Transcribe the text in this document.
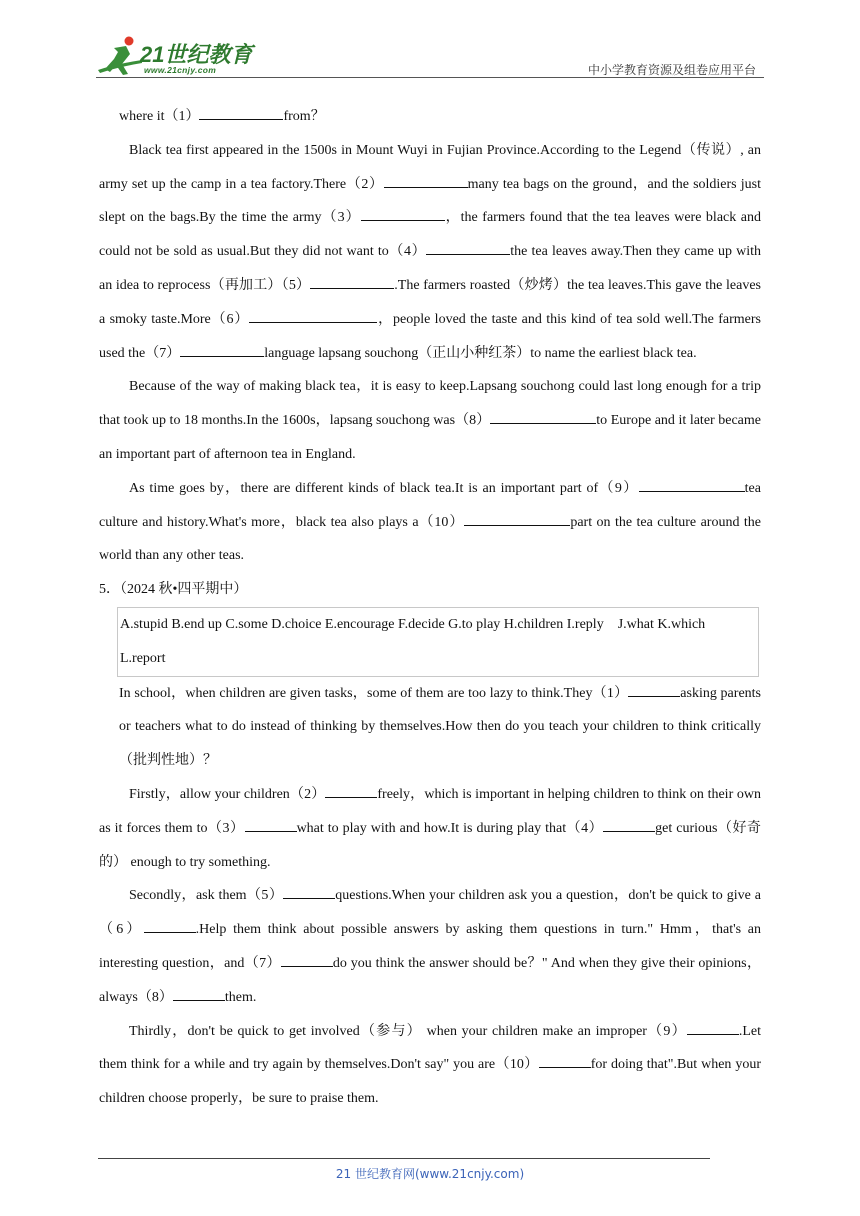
21世纪教育
www.21cnjy.com	中小学教育资源及组卷应用平台

where it（1）	from？

Black tea first appeared in the 1500s in Mount Wuyi in Fujian Province.According to the Legend（传说）, an army set up the camp in a tea factory.There（2）	many tea bags on the ground，and the soldiers just slept on the bags.By the time the army（3）	，the farmers found that the tea leaves were black and could not be sold as usual.But they did not want to（4）	the tea leaves away.Then they came up with an idea to reprocess（再加工）（5）	.The farmers roasted（炒烤）the tea leaves.This gave the leaves a smoky taste.More（6）	，people loved the taste and this kind of tea sold well.The farmers used the（7）	language lapsang souchong（正山小种红茶）to name the earliest black tea.

Because of the way of making black tea，it is easy to keep.Lapsang souchong could last long enough for a trip that took up to 18 months.In the 1600s，lapsang souchong was（8）	to Europe and it later became an important part of afternoon tea in England.

As time goes by，there are different kinds of black tea.It is an important part of（9）	tea culture and history.What's more，black tea also plays a（10）	part on the tea culture around the world than any other teas.

5．（2024 秋•四平期中）

A.stupid B.end up C.some D.choice E.encourage F.decide G.to play H.children I.reply　J.what K.which

L.report

In school，when children are given tasks，some of them are too lazy to think.They（1）	asking parents or teachers what to do instead of thinking by themselves.How then do you teach your children to think critically（批判性地）？

Firstly，allow your children（2）	freely，which is important in helping children to think on their own as it forces them to（3）	what to play with and how.It is during play that（4）	get curious（好奇的） enough to try something.

Secondly，ask them（5）	questions.When your children ask you a question，don't be quick to give a （6）	.Help them think about possible answers by asking them questions in turn." Hmm，that's an interesting question，and（7）	do you think the answer should be？" And when they give their opinions，always（8）	them.

Thirdly，don't be quick to get involved（参与） when your children make an improper（9）	.Let them think for a while and try again by themselves.Don't say" you are（10）	for doing that".But when your children choose properly，be sure to praise them.

21 世纪教育网(www.21cnjy.com)
